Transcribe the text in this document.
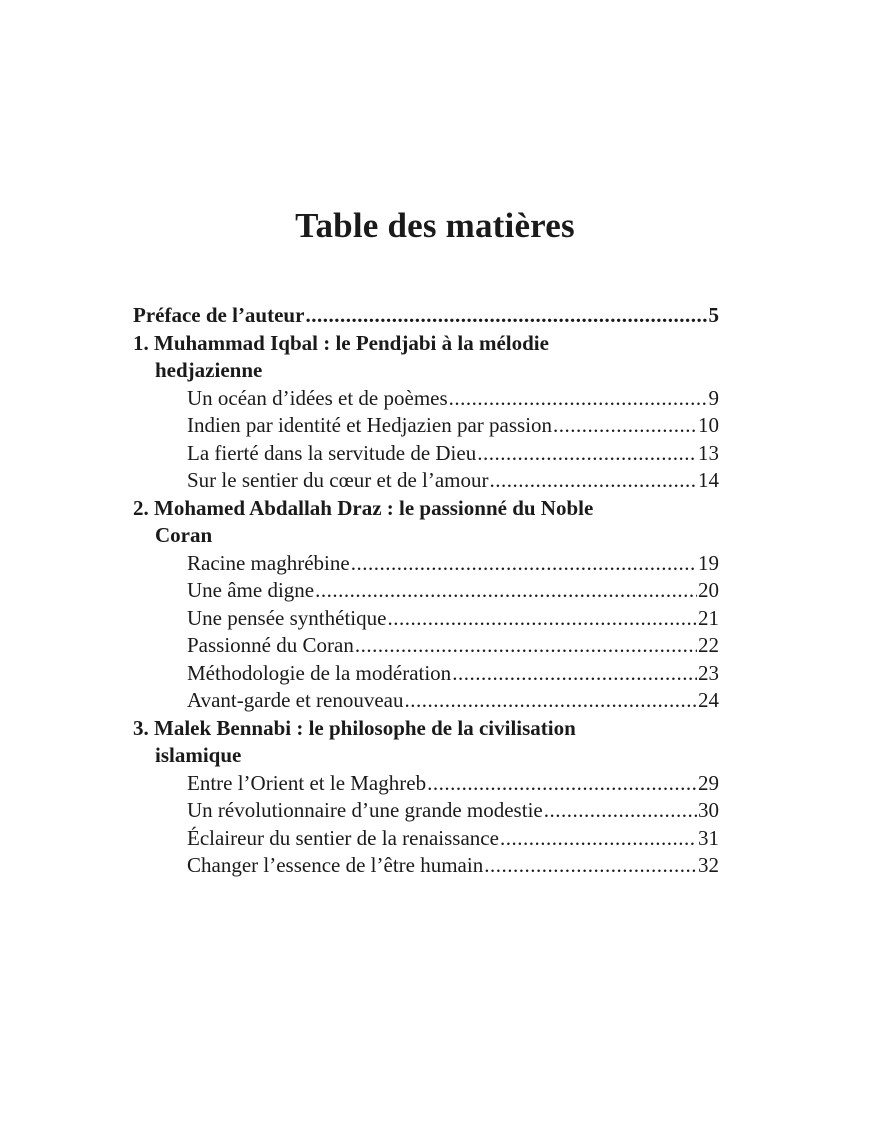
Table des matières
Préface de l’auteur .....	5
1. Muhammad Iqbal : le Pendjabi à la mélodie
hedjazienne
Un océan d’idées et de poèmes .....	9
Indien par identité et Hedjazien par passion .....	10
La fierté dans la servitude de Dieu .....	13
Sur le sentier du cœur et de l’amour .....	14
2. Mohamed Abdallah Draz : le passionné du Noble
Coran
Racine maghrébine .....	19
Une âme digne .....	20
Une pensée synthétique .....	21
Passionné du Coran .....	22
Méthodologie de la modération .....	23
Avant-garde et renouveau .....	24
3. Malek Bennabi : le philosophe de la civilisation
islamique
Entre l’Orient et le Maghreb .....	29
Un révolutionnaire d’une grande modestie .....	30
Éclaireur du sentier de la renaissance .....	31
Changer l’essence de l’être humain .....	32
